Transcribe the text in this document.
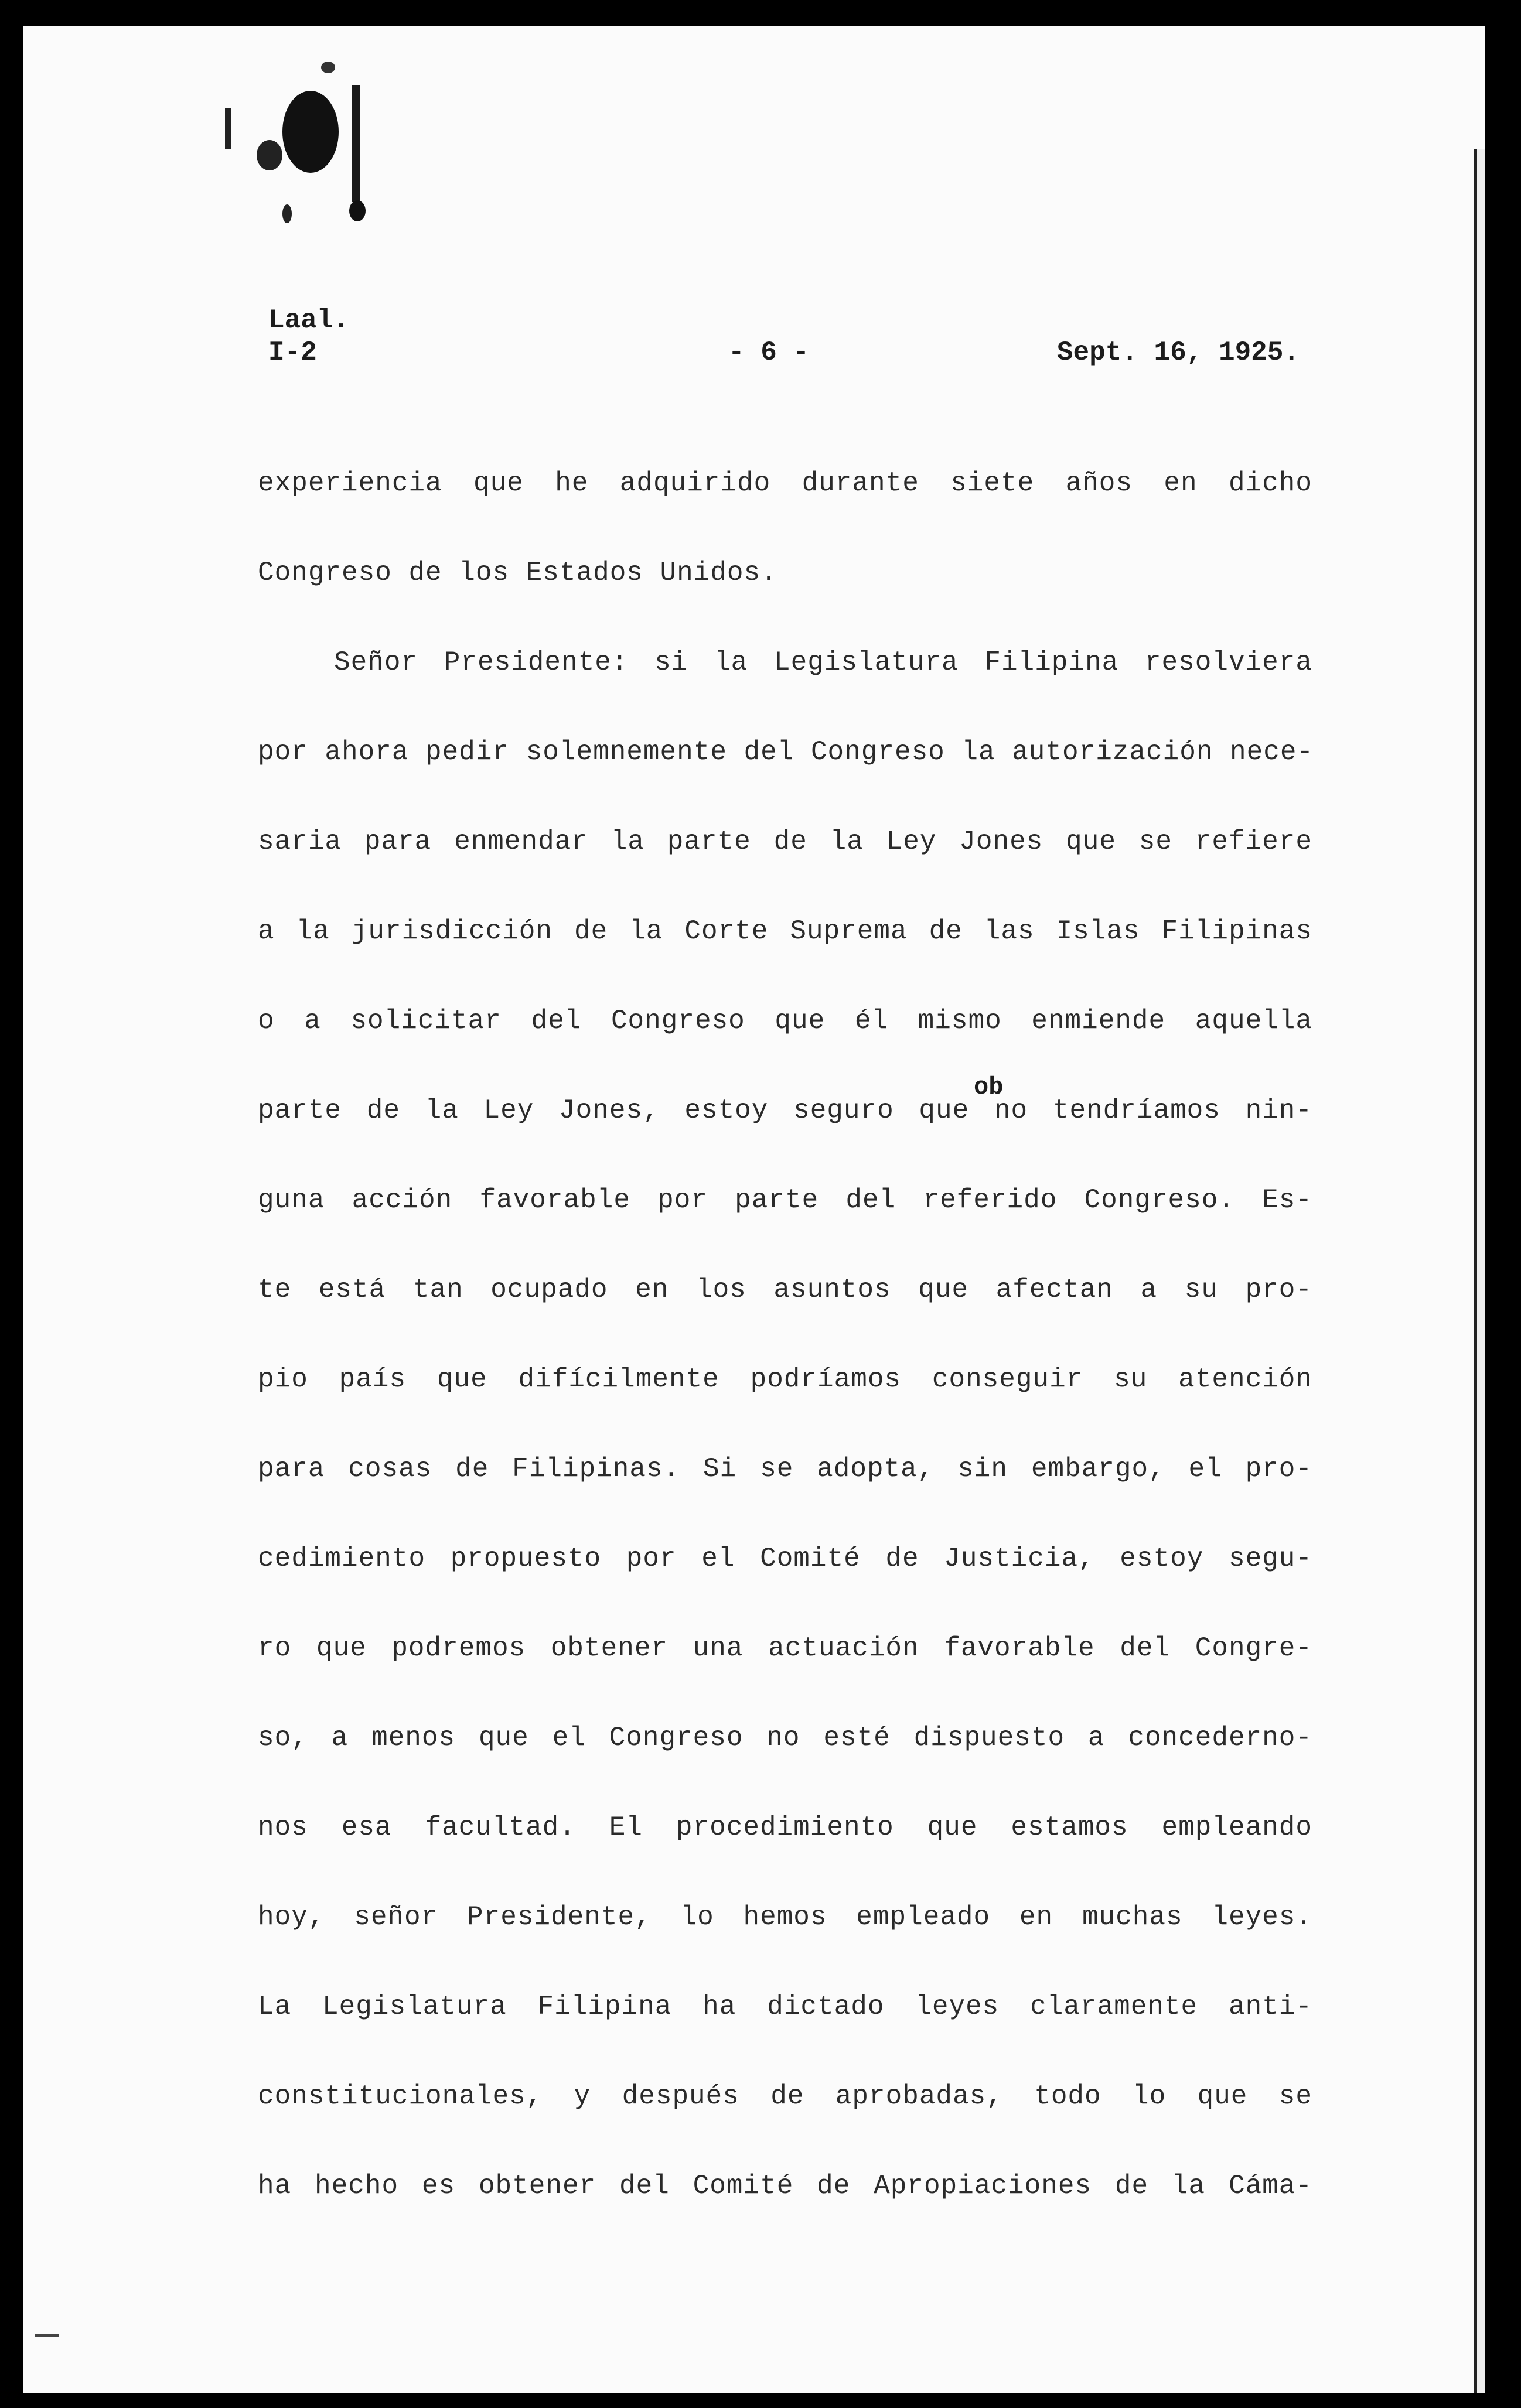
Laal.
I-2	- 6 -	Sept. 16, 1925.
ob
experiencia que he adquirido durante siete años en dicho
Congreso de los Estados Unidos.
Señor Presidente: si la Legislatura Filipina resolviera
por ahora pedir solemnemente del Congreso la autorización nece-
saria para enmendar la parte de la Ley Jones que se refiere
a la jurisdicción de la Corte Suprema de las Islas Filipinas
o a solicitar del Congreso que él mismo enmiende aquella
parte de la Ley Jones, estoy seguro que no tendríamos nin-
guna acción favorable por parte del referido Congreso. Es-
te está tan ocupado en los asuntos que afectan a su pro-
pio país que difícilmente podríamos conseguir su atención
para cosas de Filipinas. Si se adopta, sin embargo, el pro-
cedimiento propuesto por el Comité de Justicia, estoy segu-
ro que podremos obtener una actuación favorable del Congre-
so, a menos que el Congreso no esté dispuesto a concederno-
nos esa facultad. El procedimiento que estamos empleando
hoy, señor Presidente, lo hemos empleado en muchas leyes.
La Legislatura Filipina ha dictado leyes claramente anti-
constitucionales, y después de aprobadas, todo lo que se
ha hecho es obtener del Comité de Apropiaciones de la Cáma-
